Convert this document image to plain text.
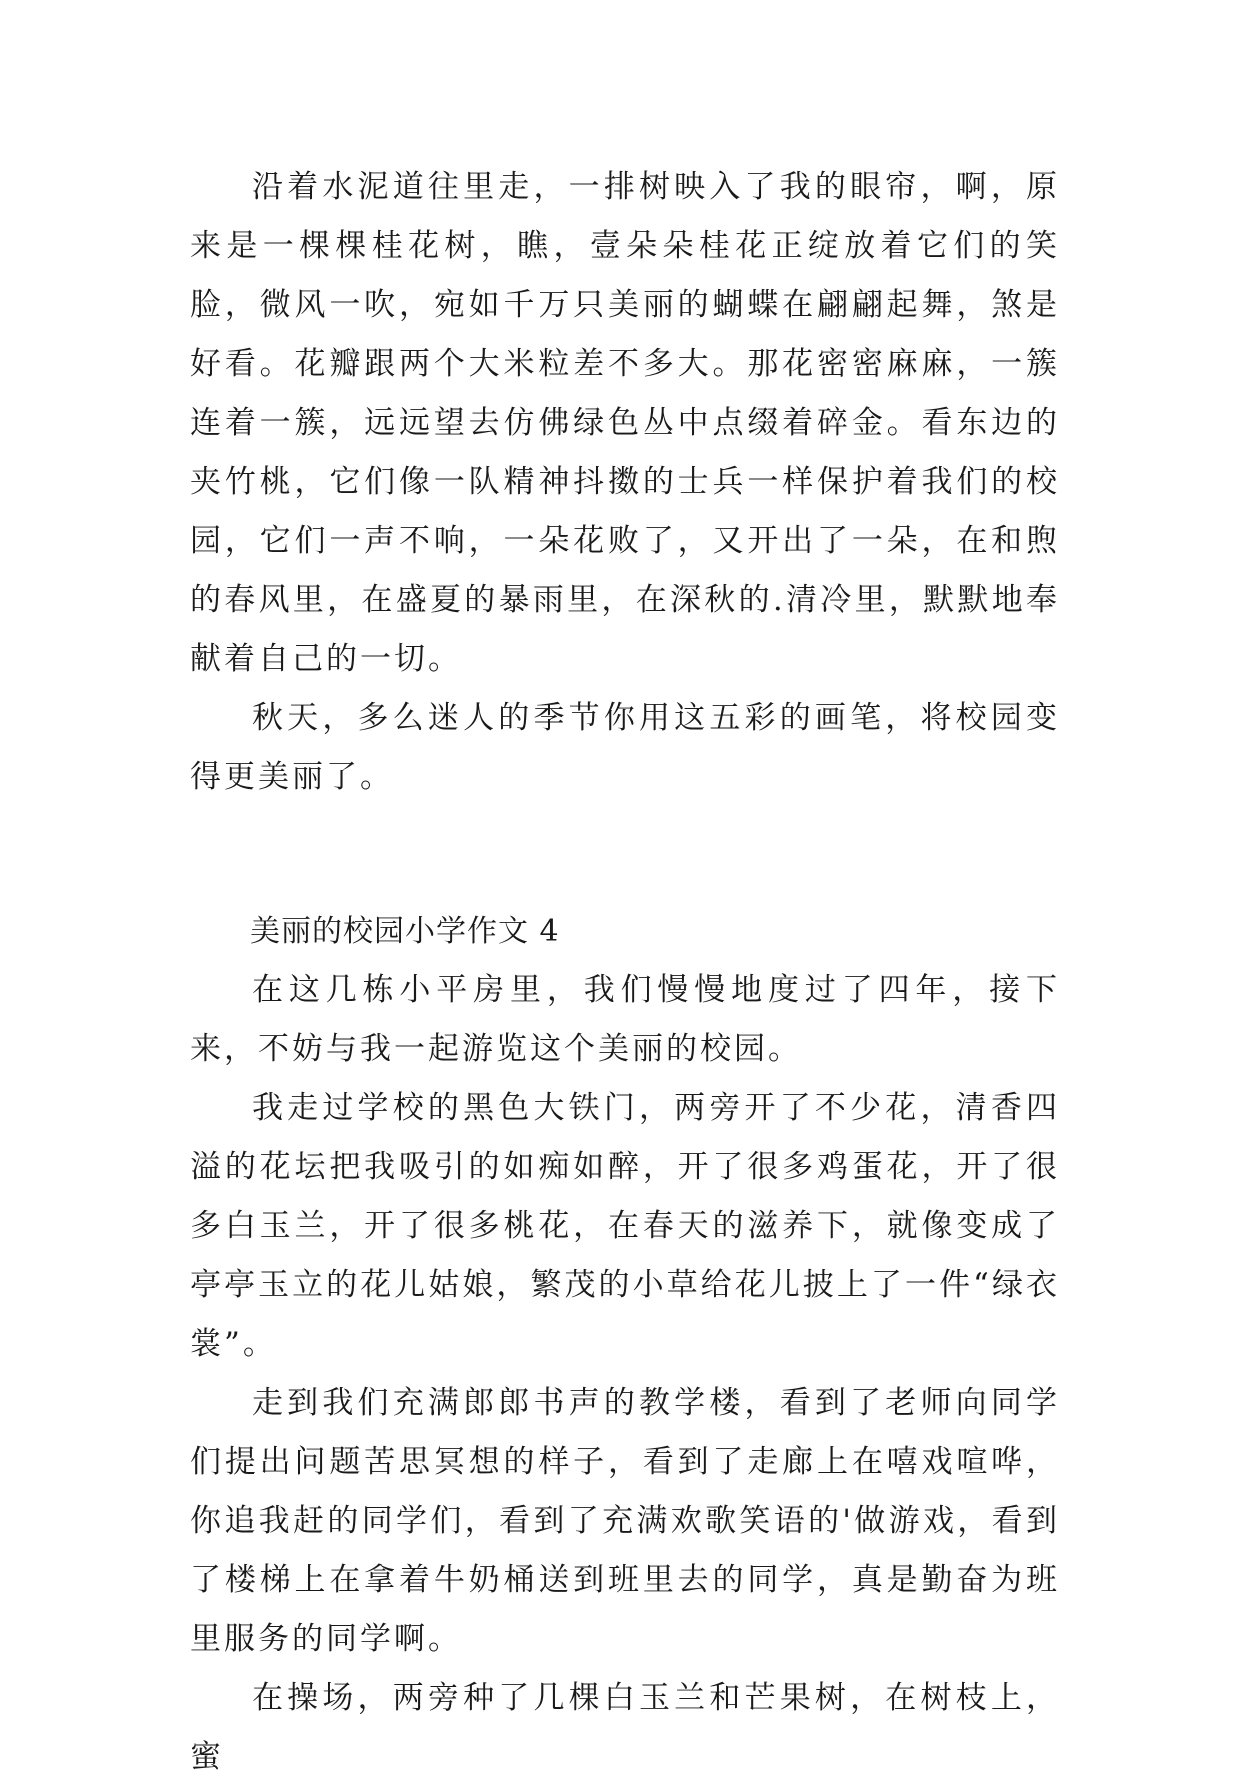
沿着水泥道往里走，一排树映入了我的眼帘，啊，原来是一棵棵桂花树，瞧，壹朵朵桂花正绽放着它们的笑脸，微风一吹，宛如千万只美丽的蝴蝶在翩翩起舞，煞是好看。花瓣跟两个大米粒差不多大。那花密密麻麻，一簇连着一簇，远远望去仿佛绿色丛中点缀着碎金。看东边的夹竹桃，它们像一队精神抖擞的士兵一样保护着我们的校园，它们一声不响，一朵花败了，又开出了一朵，在和煦的春风里，在盛夏的暴雨里，在深秋的.清冷里，默默地奉献着自己的一切。

秋天，多么迷人的季节你用这五彩的画笔，将校园变得更美丽了。

美丽的校园小学作文 4

在这几栋小平房里，我们慢慢地度过了四年，接下来，不妨与我一起游览这个美丽的校园。

我走过学校的黑色大铁门，两旁开了不少花，清香四溢的花坛把我吸引的如痴如醉，开了很多鸡蛋花，开了很多白玉兰，开了很多桃花，在春天的滋养下，就像变成了亭亭玉立的花儿姑娘，繁茂的小草给花儿披上了一件“绿衣裳”。

走到我们充满郎郎书声的教学楼，看到了老师向同学们提出问题苦思冥想的样子，看到了走廊上在嘻戏喧哗，你追我赶的同学们，看到了充满欢歌笑语的'做游戏，看到了楼梯上在拿着牛奶桶送到班里去的同学，真是勤奋为班里服务的同学啊。

在操场，两旁种了几棵白玉兰和芒果树，在树枝上，蜜
